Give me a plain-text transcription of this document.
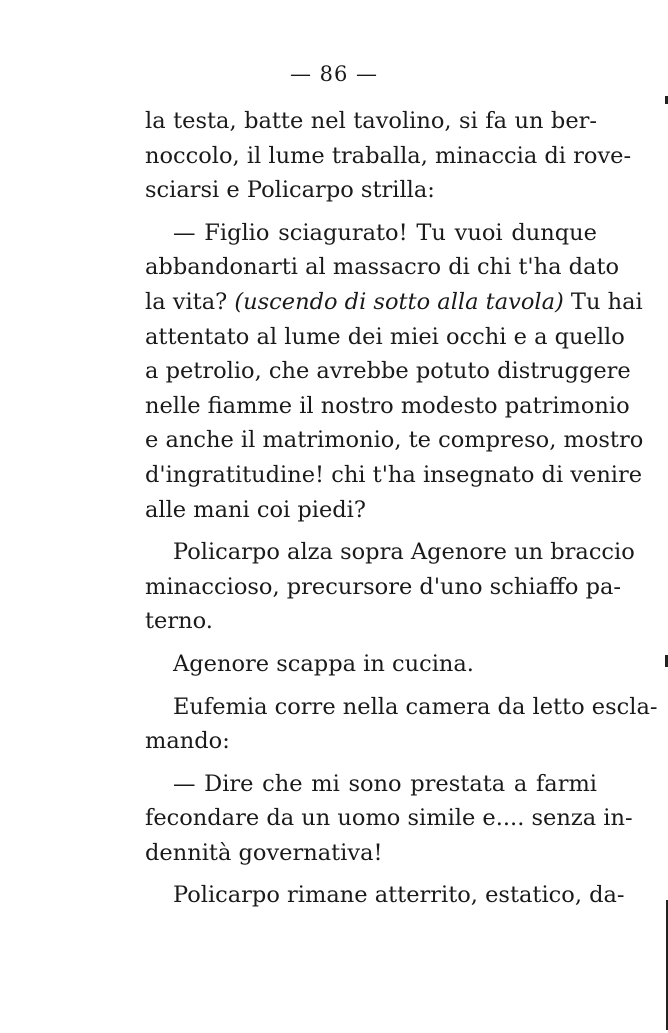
— 86 —
la testa, batte nel tavolino, si fa un ber-
noccolo, il lume traballa, minaccia di rove-
sciarsi e Policarpo strilla:
— Figlio sciagurato! Tu vuoi dunque
abbandonarti al massacro di chi t'ha dato
la vita? (uscendo di sotto alla tavola) Tu hai
attentato al lume dei miei occhi e a quello
a petrolio, che avrebbe potuto distruggere
nelle fiamme il nostro modesto patrimonio
e anche il matrimonio, te compreso, mostro
d'ingratitudine! chi t'ha insegnato di venire
alle mani coi piedi?
Policarpo alza sopra Agenore un braccio
minaccioso, precursore d'uno schiaffo pa-
terno.
Agenore scappa in cucina.
Eufemia corre nella camera da letto escla-
mando:
— Dire che mi sono prestata a farmi
fecondare da un uomo simile e.... senza in-
dennità governativa!
Policarpo rimane atterrito, estatico, da-
